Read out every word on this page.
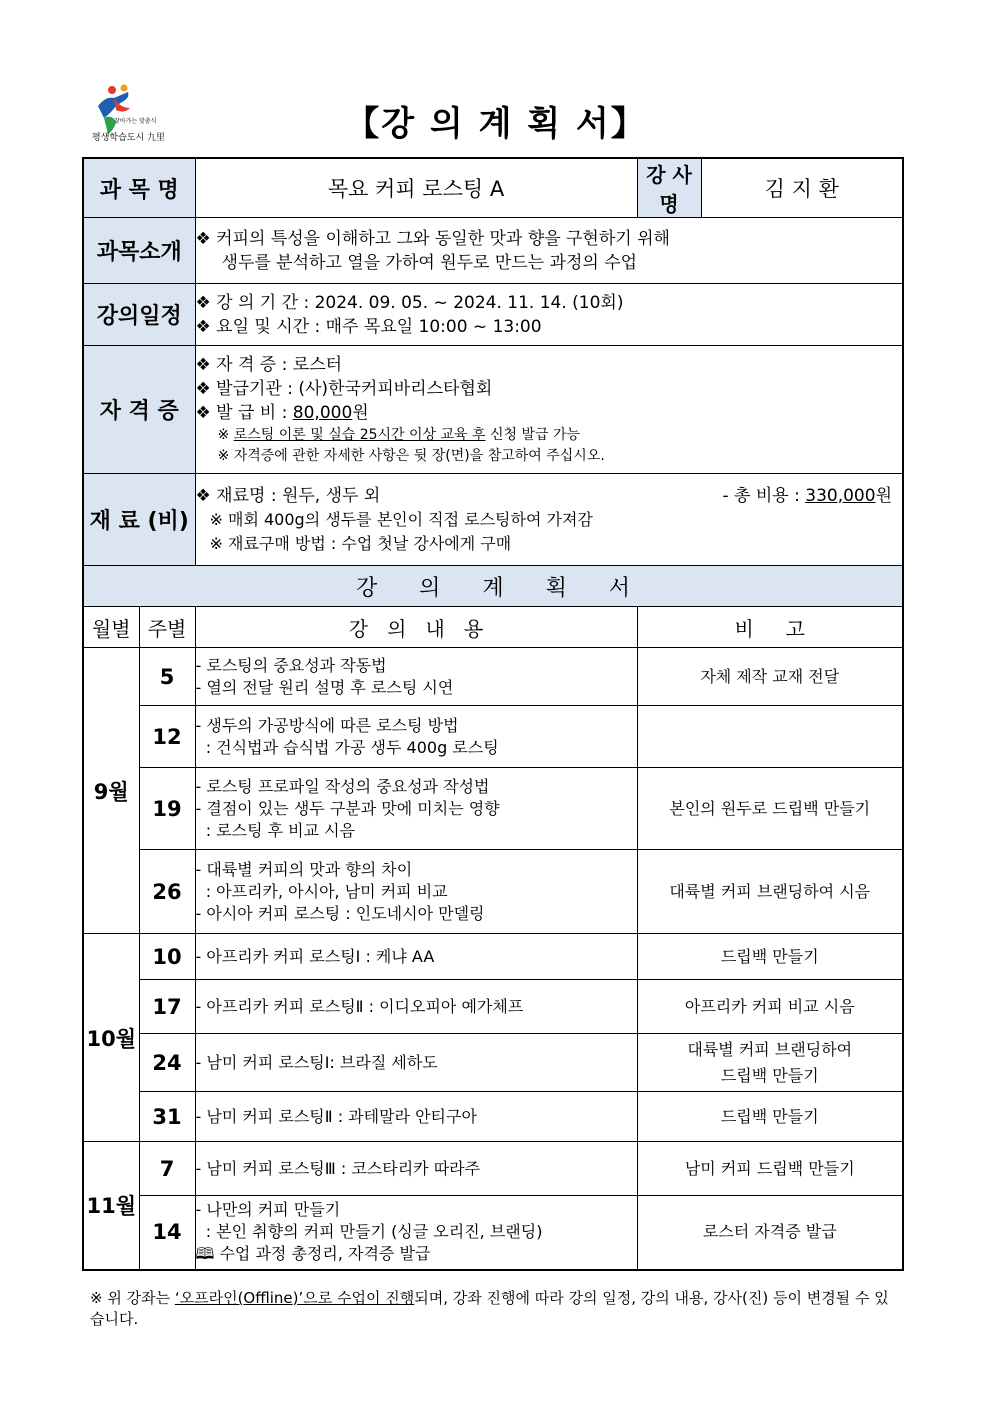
찾아가는 맞춤식
평생학습도시 九里	【강 의 계 획 서】
과 목 명		목요 커피 로스팅 A	강 사 명	김 지 환
과목소개		❖ 커피의 특성을 이해하고 그와 동일한 맛과 향을 구현하기 위해
생두를 분석하고 열을 가하여 원두로 만드는 과정의 수업		

강의일정		❖ 강 의 기 간 : 2024. 09. 05. ~ 2024. 11. 14. (10회)
❖ 요일 및 시간 : 매주 목요일 10:00 ~ 13:00		

자 격 증		❖ 자 격 증 : 로스터
❖ 발급기관 : (사)한국커피바리스타협회
❖ 발 급 비 : 80,000원
※ 로스팅 이론 및 실습 25시간 이상 교육 후 신청 발급 가능
※ 자격증에 관한 자세한 사항은 뒷 장(면)을 참고하여 주십시오.		

재 료 (비)		❖ 재료명 : 원두, 생두 외 - 총 비용 : 330,000원
※ 매회 400g의 생두를 본인이 직접 로스팅하여 가져감
※ 재료구매 방법 : 수업 첫날 강사에게 구매		

강      의      계      획      서				
월별	주별	강   의   내   용	비     고	
9월	5	- 로스팅의 중요성과 작동법
- 열의 전달 원리 설명 후 로스팅 시연	자체 제작 교재 전달	
	12	- 생두의 가공방식에 따른 로스팅 방법
: 건식법과 습식법 가공 생두 400g 로스팅		

	19	- 로스팅 프로파일 작성의 중요성과 작성법
- 결점이 있는 생두 구분과 맛에 미치는 영향
: 로스팅 후 비교 시음	본인의 원두로 드립백 만들기	
	26	- 대륙별 커피의 맛과 향의 차이
: 아프리카, 아시아, 남미 커피 비교
- 아시아 커피 로스팅 : 인도네시아 만델링	대륙별 커피 브랜딩하여 시음	
10월	10	- 아프리카 커피 로스팅Ⅰ : 케냐 AA	드립백 만들기	
	17	- 아프리카 커피 로스팅Ⅱ : 이디오피아 예가체프	아프리카 커피 비교 시음	
	24	- 남미 커피 로스팅Ⅰ: 브라질 세하도	대륙별 커피 브랜딩하여
드립백 만들기	
	31	- 남미 커피 로스팅Ⅱ : 과테말라 안티구아	드립백 만들기	
11월	7	- 남미 커피 로스팅Ⅲ : 코스타리카 따라주	남미 커피 드립백 만들기	
	14	- 나만의 커피 만들기
: 본인 취향의 커피 만들기 (싱글 오리진, 브랜딩)
🕮 수업 과정 총정리, 자격증 발급	로스터 자격증 발급	
※ 위 강좌는 ‘오프라인(Offline)’으로 수업이 진행되며, 강좌 진행에 따라 강의 일정, 강의 내용, 강사(진) 등이 변경될 수 있습니다.
